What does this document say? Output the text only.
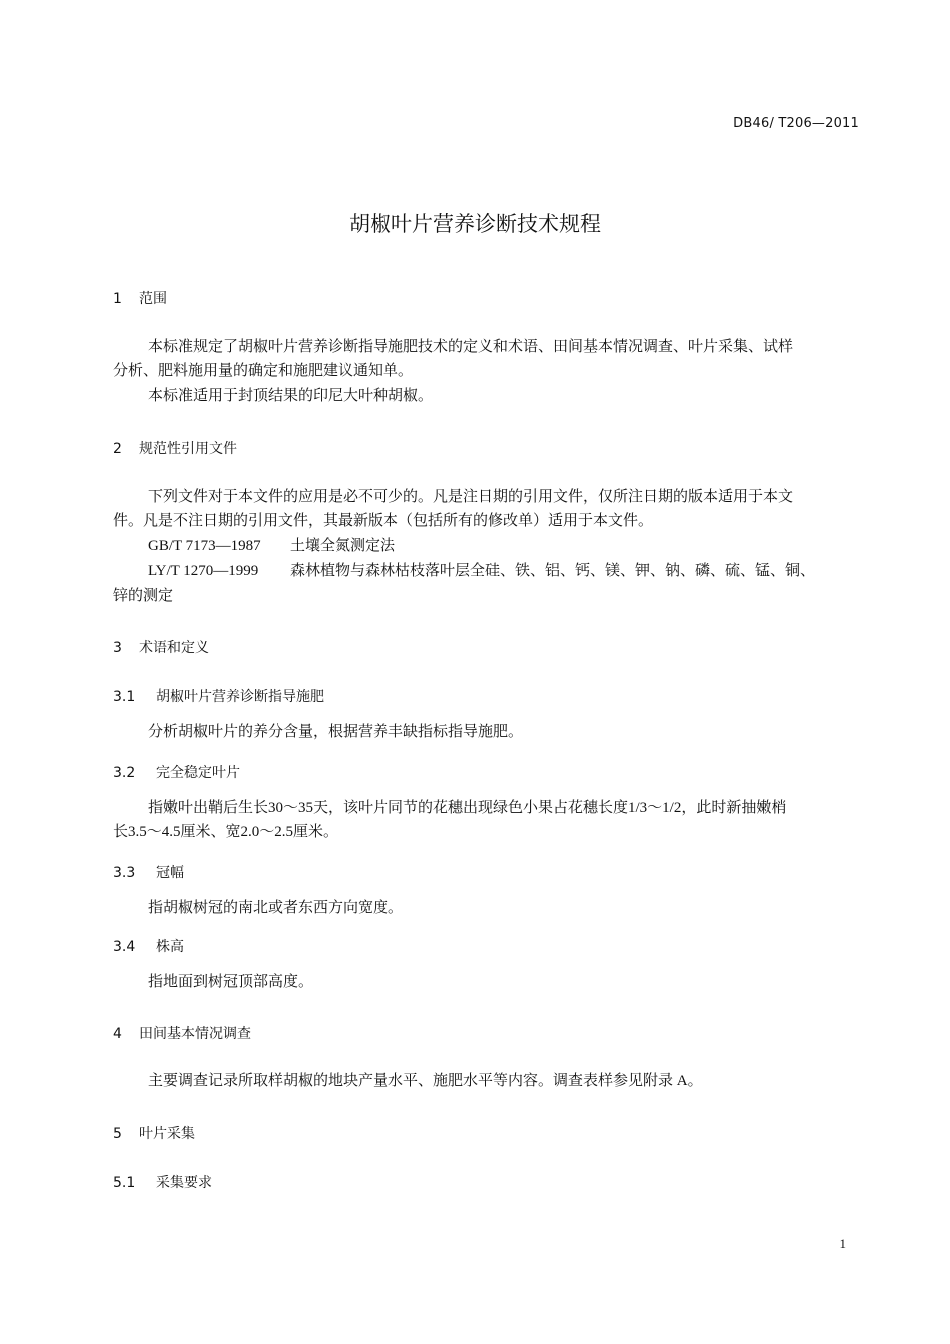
DB46/ T206—2011
胡椒叶片营养诊断技术规程
1 范围
本标准规定了胡椒叶片营养诊断指导施肥技术的定义和术语、田间基本情况调查、叶片采集、试样
分析、肥料施用量的确定和施肥建议通知单。
本标准适用于封顶结果的印尼大叶种胡椒。
2 规范性引用文件
下列文件对于本文件的应用是必不可少的。凡是注日期的引用文件，仅所注日期的版本适用于本文
件。凡是不注日期的引用文件，其最新版本（包括所有的修改单）适用于本文件。
GB/T 7173—1987 土壤全氮测定法
LY/T 1270—1999 森林植物与森林枯枝落叶层全硅、铁、铝、钙、镁、钾、钠、磷、硫、锰、铜、
锌的测定
3 术语和定义
3.1 胡椒叶片营养诊断指导施肥
分析胡椒叶片的养分含量，根据营养丰缺指标指导施肥。
3.2 完全稳定叶片
指嫩叶出鞘后生长30～35天，该叶片同节的花穗出现绿色小果占花穗长度1/3～1/2，此时新抽嫩梢
长3.5～4.5厘米、宽2.0～2.5厘米。
3.3 冠幅
指胡椒树冠的南北或者东西方向宽度。
3.4 株高
指地面到树冠顶部高度。
4 田间基本情况调查
主要调查记录所取样胡椒的地块产量水平、施肥水平等内容。调查表样参见附录 A。
5 叶片采集
5.1 采集要求
1
